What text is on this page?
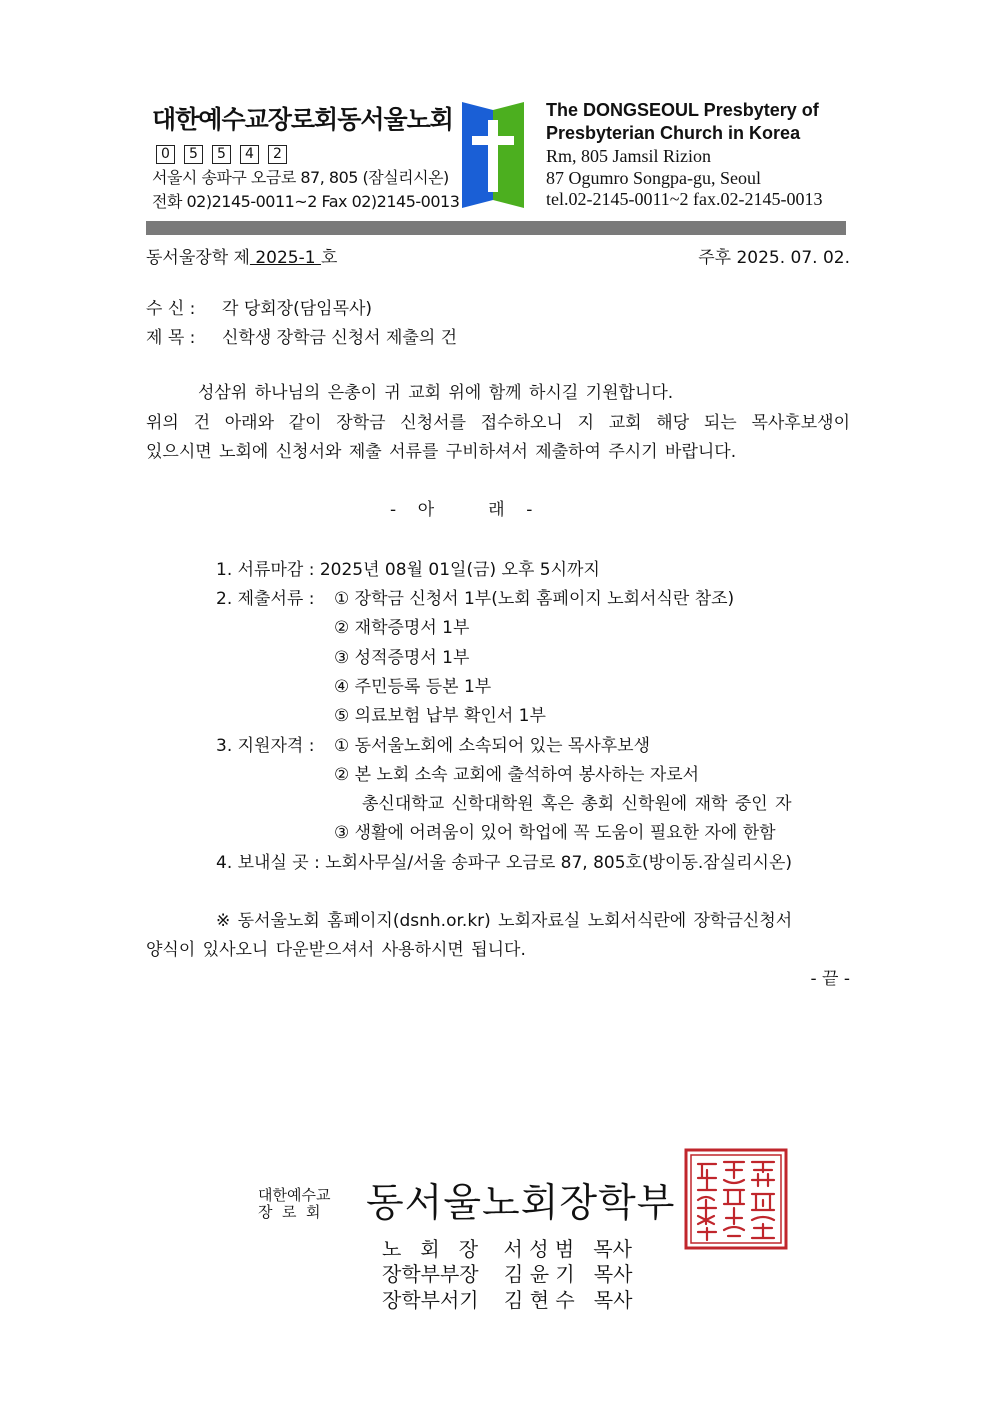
대한예수교장로회동서울노회
0	5	5	4	2
서울시 송파구 오금로 87, 805 (잠실리시온)
전화 02)2145-0011~2 Fax 02)2145-0013
The DONGSEOUL Presbytery of
Presbyterian Church in Korea
Rm, 805 Jamsil Rizion
87 Ogumro Songpa-gu, Seoul
tel.02-2145-0011~2 fax.02-2145-0013
동서울장학 제 2025-1 호	주후 2025. 07. 02.
수 신 : 각 당회장(담임목사)
제 목 : 신학생 장학금 신청서 제출의 건
성삼위 하나님의 은총이 귀 교회 위에 함께 하시길 기원합니다.
위의 건 아래와 같이 장학금 신청서를 접수하오니 지 교회 해당 되는 목사후보생이
있으시면 노회에 신청서와 제출 서류를 구비하셔서 제출하여 주시기 바랍니다.
-    아          래    -
1. 서류마감 : 2025년 08월 01일(금) 오후 5시까지
2. 제출서류 : ① 장학금 신청서 1부(노회 홈페이지 노회서식란 참조)
② 재학증명서 1부
③ 성적증명서 1부
④ 주민등록 등본 1부
⑤ 의료보험 납부 확인서 1부
3. 지원자격 : ① 동서울노회에 소속되어 있는 목사후보생
② 본 노회 소속 교회에 출석하여 봉사하는 자로서
총신대학교 신학대학원 혹은 총회 신학원에 재학 중인 자
③ 생활에 어려움이 있어 학업에 꼭 도움이 필요한 자에 한함
4. 보내실 곳 : 노회사무실/서울 송파구 오금로 87, 805호(방이동.잠실리시온)
※ 동서울노회 홈페이지(dsnh.or.kr) 노회자료실 노회서식란에 장학금신청서
양식이 있사오니 다운받으셔서 사용하시면 됩니다.
- 끝 -
대한예수교
장  로  회 동서울노회장학부
노   회   장    서 성 범   목사
장학부부장    김 윤 기   목사
장학부서기    김 현 수   목사
